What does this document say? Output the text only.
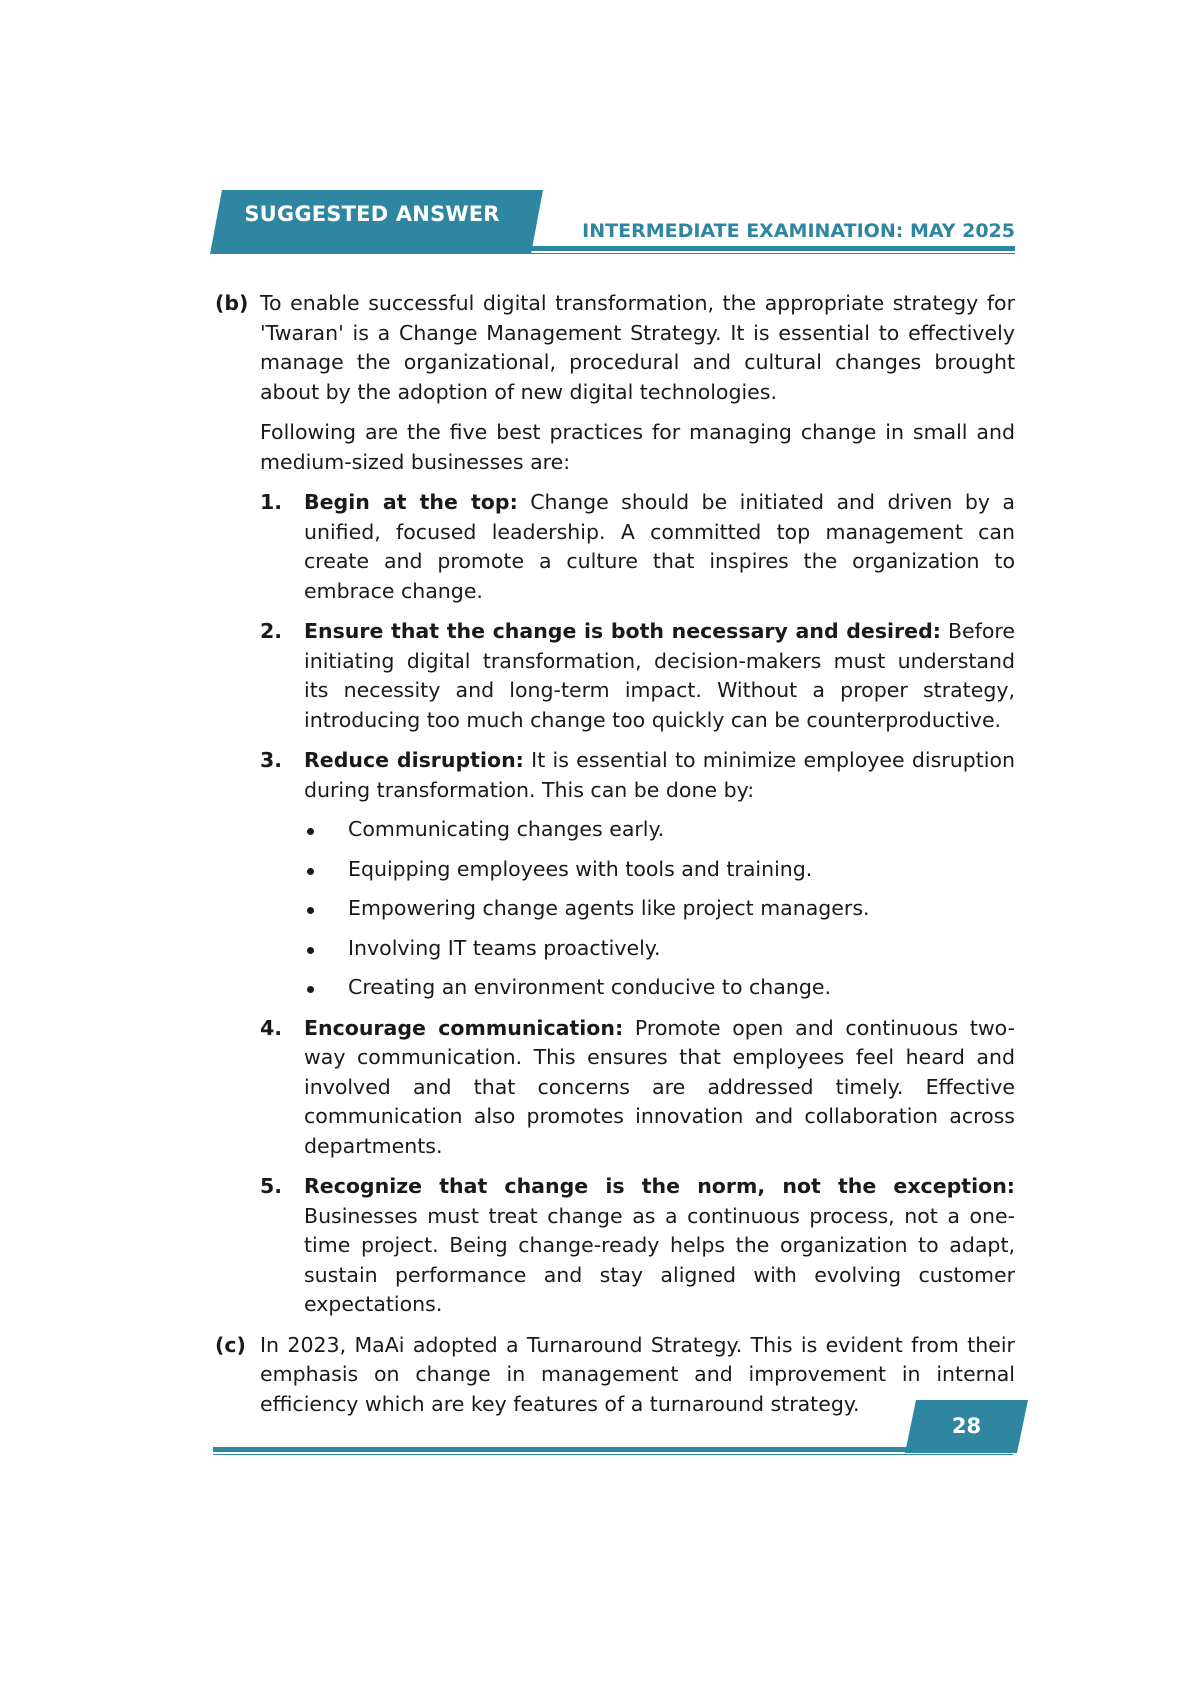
SUGGESTED ANSWER
INTERMEDIATE EXAMINATION: MAY 2025
(b) To enable successful digital transformation, the appropriate strategy for 'Twaran' is a Change Management Strategy. It is essential to effectively manage the organizational, procedural and cultural changes brought about by the adoption of new digital technologies.

Following are the five best practices for managing change in small and medium-sized businesses are:

1. Begin at the top: Change should be initiated and driven by a unified, focused leadership. A committed top management can create and promote a culture that inspires the organization to embrace change.

2. Ensure that the change is both necessary and desired: Before initiating digital transformation, decision-makers must understand its necessity and long-term impact. Without a proper strategy, introducing too much change too quickly can be counterproductive.

3. Reduce disruption: It is essential to minimize employee disruption during transformation. This can be done by:

Communicating changes early.
Equipping employees with tools and training.
Empowering change agents like project managers.
Involving IT teams proactively.
Creating an environment conducive to change.
4. Encourage communication: Promote open and continuous two-way communication. This ensures that employees feel heard and involved and that concerns are addressed timely. Effective communication also promotes innovation and collaboration across departments.

5. Recognize that change is the norm, not the exception: Businesses must treat change as a continuous process, not a one-time project. Being change-ready helps the organization to adapt, sustain performance and stay aligned with evolving customer expectations.

(c) In 2023, MaAi adopted a Turnaround Strategy. This is evident from their emphasis on change in management and improvement in internal efficiency which are key features of a turnaround strategy.

28
